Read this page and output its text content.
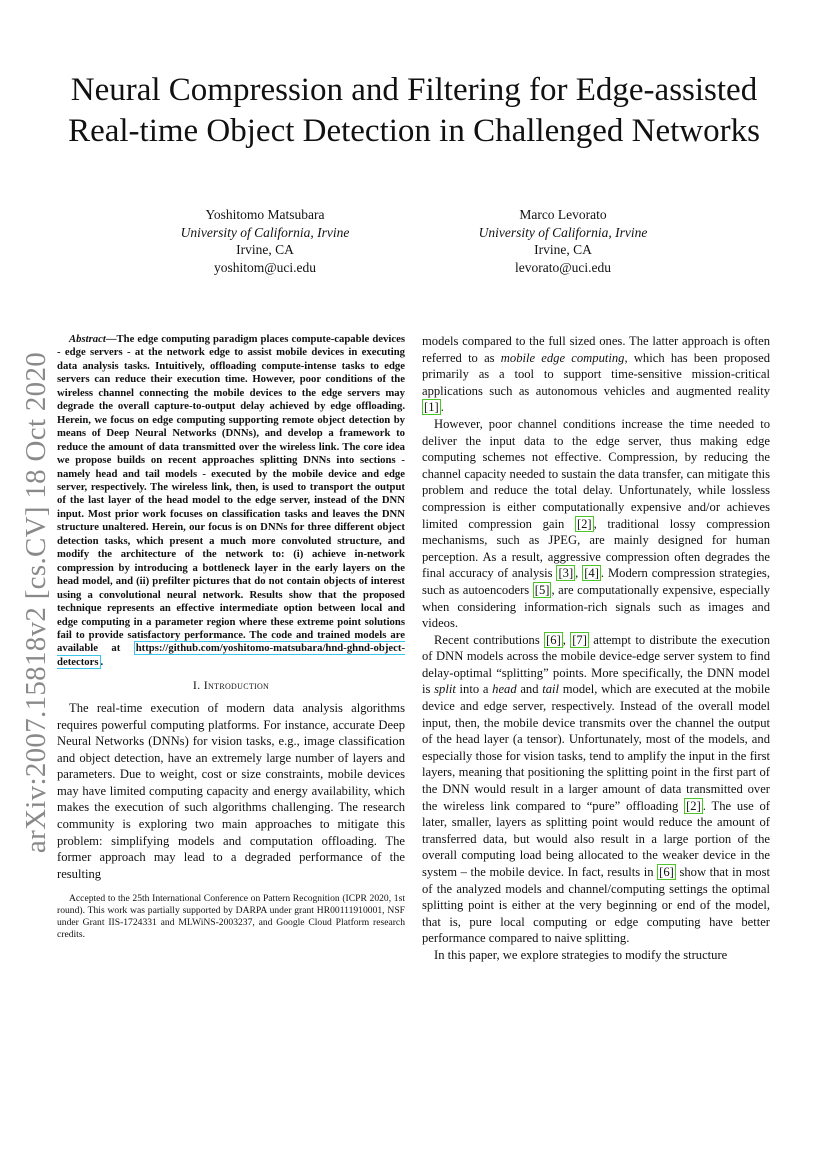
arXiv:2007.15818v2 [cs.CV] 18 Oct 2020
Neural Compression and Filtering for Edge-assisted
Real-time Object Detection in Challenged Networks
Yoshitomo Matsubara
University of California, Irvine
Irvine, CA
yoshitom@uci.edu
Marco Levorato
University of California, Irvine
Irvine, CA
levorato@uci.edu

Abstract—The edge computing paradigm places compute-capable devices - edge servers - at the network edge to assist mobile devices in executing data analysis tasks. Intuitively, offloading compute-intense tasks to edge servers can reduce their execution time. However, poor conditions of the wireless channel connecting the mobile devices to the edge servers may degrade the overall capture-to-output delay achieved by edge offloading. Herein, we focus on edge computing supporting remote object detection by means of Deep Neural Networks (DNNs), and develop a framework to reduce the amount of data transmitted over the wireless link. The core idea we propose builds on recent approaches splitting DNNs into sections - namely head and tail models - executed by the mobile device and edge server, respectively. The wireless link, then, is used to transport the output of the last layer of the head model to the edge server, instead of the DNN input. Most prior work focuses on classification tasks and leaves the DNN structure unaltered. Herein, our focus is on DNNs for three different object detection tasks, which present a much more convoluted structure, and modify the architecture of the network to: (i) achieve in-network compression by introducing a bottleneck layer in the early layers on the head model, and (ii) prefilter pictures that do not contain objects of interest using a convolutional neural network. Results show that the proposed technique represents an effective intermediate option between local and edge computing in a parameter region where these extreme point solutions fail to provide satisfactory performance. The code and trained models are available at https://github.com/yoshitomo-matsubara/hnd-ghnd-object-detectors .

I. Introduction

The real-time execution of modern data analysis algorithms requires powerful computing platforms. For instance, accurate Deep Neural Networks (DNNs) for vision tasks, e.g., image classification and object detection, have an extremely large number of layers and parameters. Due to weight, cost or size constraints, mobile devices may have limited computing capacity and energy availability, which makes the execution of such algorithms challenging. The research community is exploring two main approaches to mitigate this problem: simplifying models and computation offloading. The former approach may lead to a degraded performance of the resulting

Accepted to the 25th International Conference on Pattern Recognition (ICPR 2020, 1st round). This work was partially supported by DARPA under grant HR00111910001, NSF under Grant IIS-1724331 and MLWiNS-2003237, and Google Cloud Platform research credits.

models compared to the full sized ones. The latter approach is often referred to as mobile edge computing, which has been proposed primarily as a tool to support time-sensitive mission-critical applications such as autonomous vehicles and augmented reality [1] .

However, poor channel conditions increase the time needed to deliver the input data to the edge server, thus making edge computing schemes not effective. Compression, by reducing the channel capacity needed to sustain the data transfer, can mitigate this problem and reduce the total delay. Unfortunately, while lossless compression is either computationally expensive and/or achieves limited compression gain [2] , traditional lossy compression mechanisms, such as JPEG, are mainly designed for human perception. As a result, aggressive compression often degrades the final accuracy of analysis [3] , [4] . Modern compression strategies, such as autoencoders [5] , are computationally expensive, especially when considering information-rich signals such as images and videos.

Recent contributions [6] , [7] attempt to distribute the execution of DNN models across the mobile device-edge server system to find delay-optimal “splitting” points. More specifically, the DNN model is split into a head and tail model, which are executed at the mobile device and edge server, respectively. Instead of the overall model input, then, the mobile device transmits over the channel the output of the head layer (a tensor). Unfortunately, most of the models, and especially those for vision tasks, tend to amplify the input in the first layers, meaning that positioning the splitting point in the first part of the DNN would result in a larger amount of data transmitted over the wireless link compared to “pure” offloading [2] . The use of later, smaller, layers as splitting point would reduce the amount of transferred data, but would also result in a large portion of the overall computing load being allocated to the weaker device in the system – the mobile device. In fact, results in [6] show that in most of the analyzed models and channel/computing settings the optimal splitting point is either at the very beginning or end of the model, that is, pure local computing or edge computing have better performance compared to naive splitting.

In this paper, we explore strategies to modify the structure
